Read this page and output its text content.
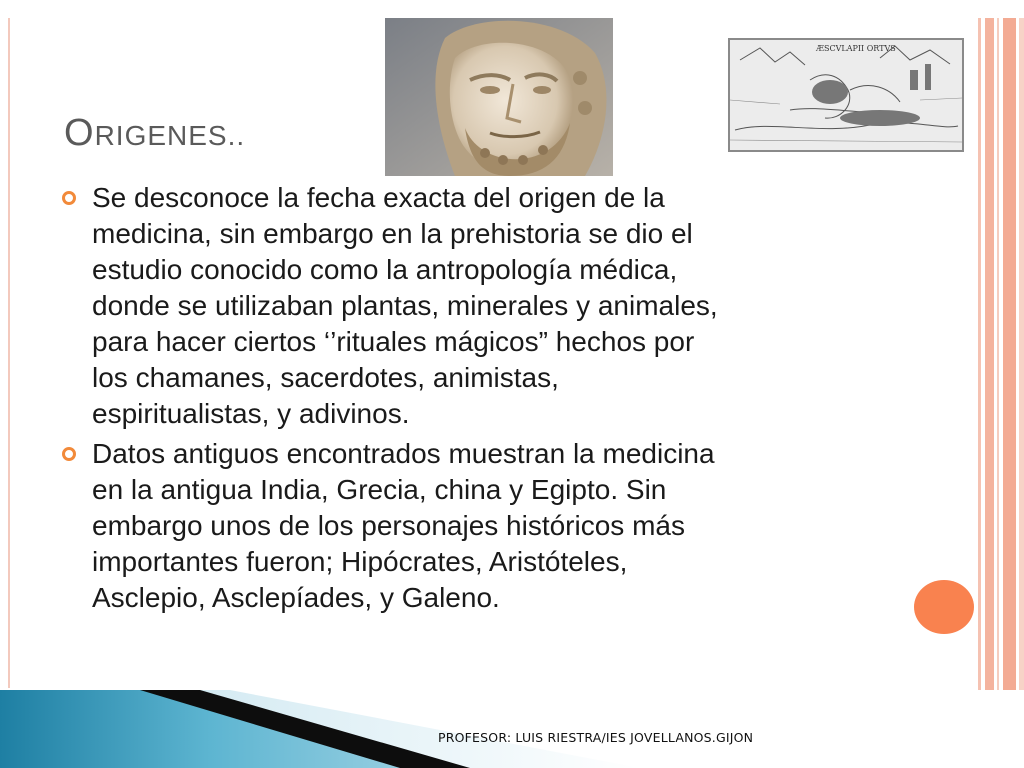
ORIGENES..
ÆSCVLAPII ORTVS
Se desconoce la fecha exacta del origen de la
medicina, sin embargo en la prehistoria se dio el
estudio conocido como la antropología médica,
donde se utilizaban plantas, minerales y animales,
para hacer ciertos ‘’rituales mágicos” hechos por
los chamanes, sacerdotes, animistas,
espiritualistas, y adivinos.
Datos antiguos encontrados muestran la medicina
en la antigua India, Grecia, china y Egipto. Sin
embargo unos de los personajes históricos más
importantes fueron; Hipócrates, Aristóteles,
Asclepio, Asclepíades, y Galeno.
PROFESOR: LUIS RIESTRA/IES JOVELLANOS.GIJON
